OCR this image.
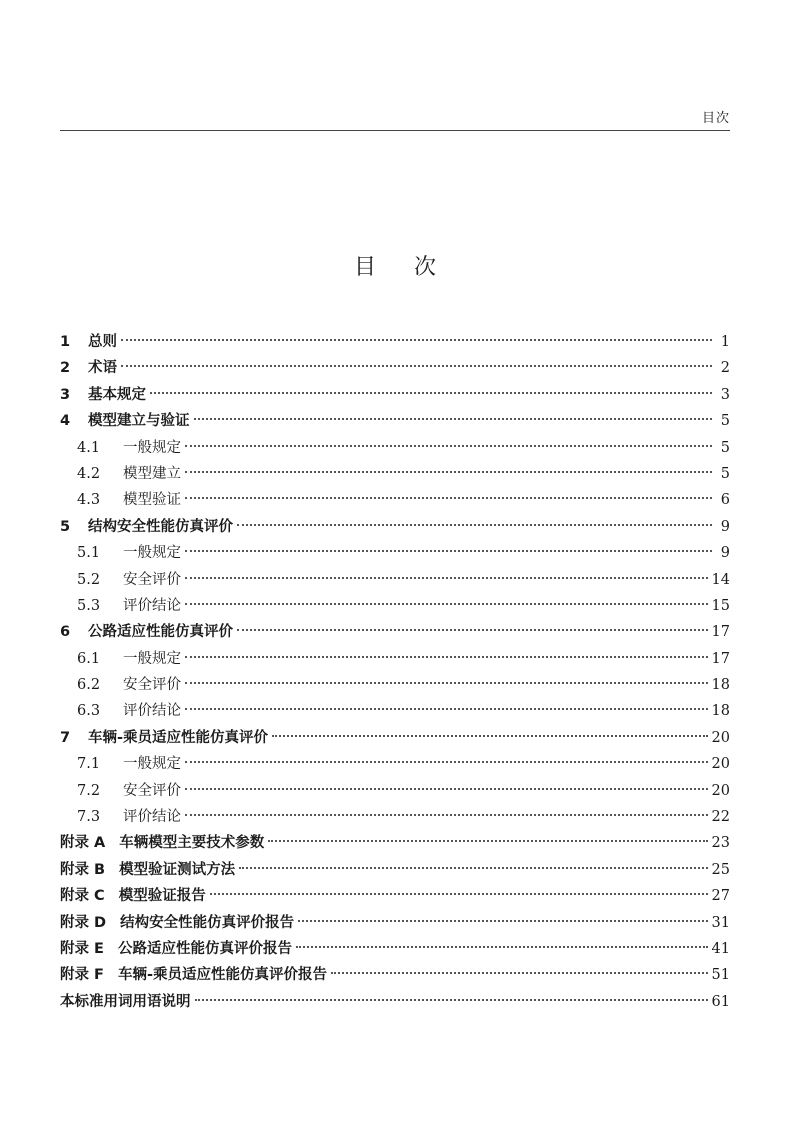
目次
目次
1	总则	1
2	术语	2
3	基本规定	3
4	模型建立与验证	5
4.1	一般规定	5
4.2	模型建立	5
4.3	模型验证	6
5	结构安全性能仿真评价	9
5.1	一般规定	9
5.2	安全评价	14
5.3	评价结论	15
6	公路适应性能仿真评价	17
6.1	一般规定	17
6.2	安全评价	18
6.3	评价结论	18
7	车辆-乘员适应性能仿真评价	20
7.1	一般规定	20
7.2	安全评价	20
7.3	评价结论	22
附录 A 车辆模型主要技术参数	23
附录 B 模型验证测试方法	25
附录 C 模型验证报告	27
附录 D 结构安全性能仿真评价报告	31
附录 E 公路适应性能仿真评价报告	41
附录 F 车辆-乘员适应性能仿真评价报告	51
本标准用词用语说明	61
